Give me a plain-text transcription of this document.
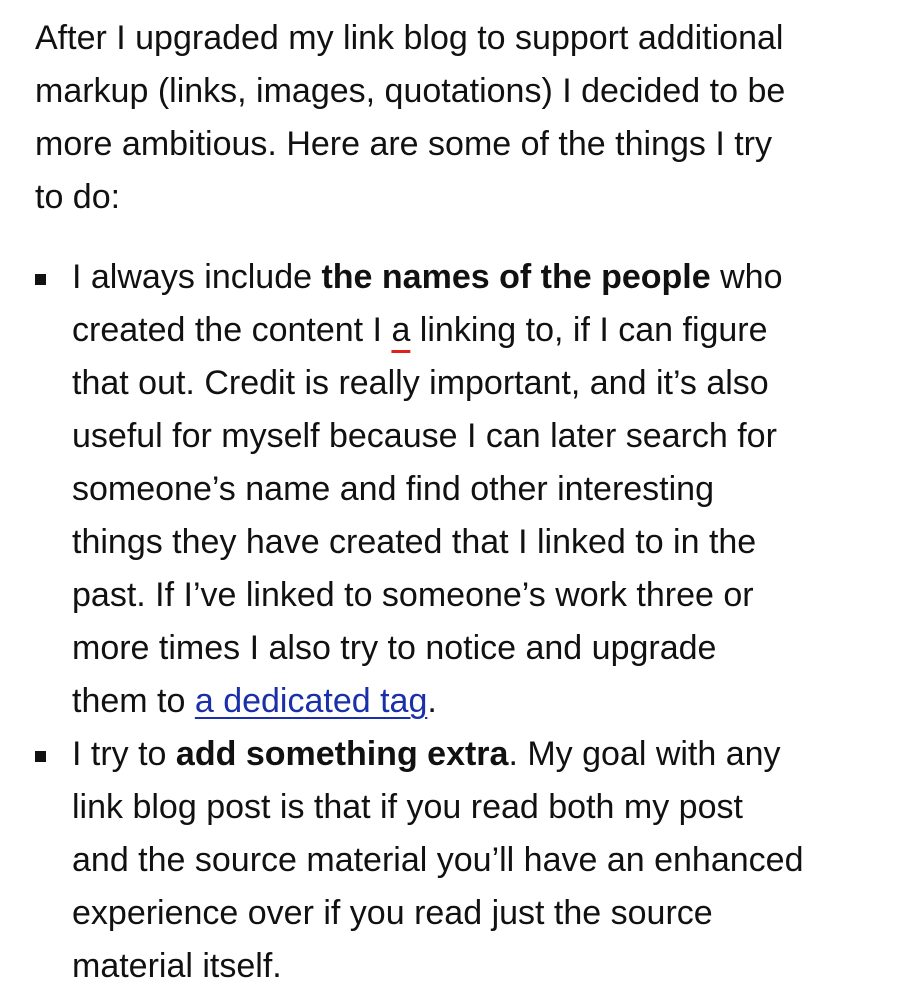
After I upgraded my link blog to support additional
markup (links, images, quotations) I decided to be
more ambitious. Here are some of the things I try
to do:

I always include the names of the people who
created the content I a linking to, if I can figure
that out. Credit is really important, and it’s also
useful for myself because I can later search for
someone’s name and find other interesting
things they have created that I linked to in the
past. If I’ve linked to someone’s work three or
more times I also try to notice and upgrade
them to a dedicated tag.
I try to add something extra. My goal with any
link blog post is that if you read both my post
and the source material you’ll have an enhanced
experience over if you read just the source
material itself.
